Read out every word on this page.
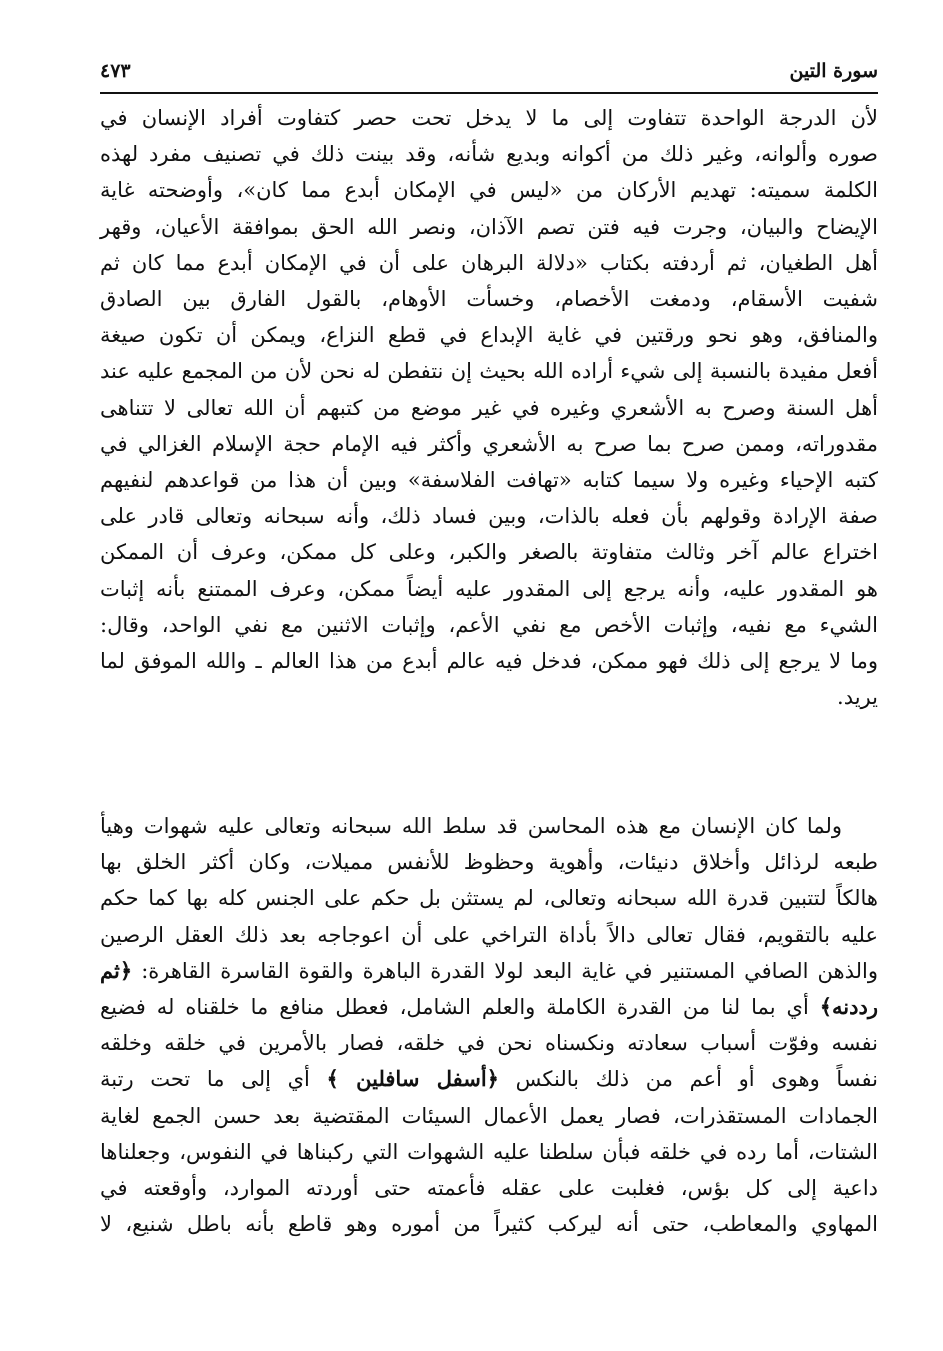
سورة التين
٤٧٣
لأن الدرجة الواحدة تتفاوت إلى ما لا يدخل تحت حصر كتفاوت أفراد الإنسان في
صوره وألوانه، وغير ذلك من أكوانه وبديع شأنه، وقد بينت ذلك في تصنيف مفرد لهذه
الكلمة سميته: تهديم الأركان من «ليس في الإمكان أبدع مما كان»، وأوضحته غاية
الإيضاح والبيان، وجرت فيه فتن تصم الآذان، ونصر الله الحق بموافقة الأعيان، وقهر
أهل الطغيان، ثم أردفته بكتاب «دلالة البرهان على أن في الإمكان أبدع مما كان ثم
شفيت الأسقام، ودمغت الأخصام، وخسأت الأوهام، بالقول الفارق بين الصادق
والمنافق، وهو نحو ورقتين في غاية الإبداع في قطع النزاع، ويمكن أن تكون صيغة
أفعل مفيدة بالنسبة إلى شيء أراده الله بحيث إن نتفطن له نحن لأن من المجمع عليه عند
أهل السنة وصرح به الأشعري وغيره في غير موضع من كتبهم أن الله تعالى لا تتناهى
مقدوراته، وممن صرح بما صرح به الأشعري وأكثر فيه الإمام حجة الإسلام الغزالي في
كتبه الإحياء وغيره ولا سيما كتابه «تهافت الفلاسفة» وبين أن هذا من قواعدهم لنفيهم
صفة الإرادة وقولهم بأن فعله بالذات، وبين فساد ذلك، وأنه سبحانه وتعالى قادر على
اختراع عالم آخر وثالث متفاوتة بالصغر والكبر، وعلى كل ممكن، وعرف أن الممكن
هو المقدور عليه، وأنه يرجع إلى المقدور عليه أيضاً ممكن، وعرف الممتنع بأنه إثبات
الشيء مع نفيه، وإثبات الأخص مع نفي الأعم، وإثبات الاثنين مع نفي الواحد، وقال:
وما لا يرجع إلى ذلك فهو ممكن، فدخل فيه عالم أبدع من هذا العالم ـ والله الموفق لما
يريد.
ولما كان الإنسان مع هذه المحاسن قد سلط الله سبحانه وتعالى عليه شهوات وهيأ
طبعه لرذائل وأخلاق دنيئات، وأهوية وحظوظ للأنفس مميلات، وكان أكثر الخلق بها
هالكاً لتتبين قدرة الله سبحانه وتعالى، لم يستثن بل حكم على الجنس كله بها كما حكم
عليه بالتقويم، فقال تعالى دالاً بأداة التراخي على أن اعوجاجه بعد ذلك العقل الرصين
والذهن الصافي المستنير في غاية البعد لولا القدرة الباهرة والقوة القاسرة القاهرة: ﴿ثم
رددنه﴾ أي بما لنا من القدرة الكاملة والعلم الشامل، فعطل منافع ما خلقناه له فضيع
نفسه وفوّت أسباب سعادته ونكسناه نحن في خلقه، فصار بالأمرين في خلقه وخلقه
نفساً وهوى أو أعم من ذلك بالنكس ﴿أسفل سافلين ﴾ أي إلى ما تحت رتبة
الجمادات المستقذرات، فصار يعمل الأعمال السيئات المقتضية بعد حسن الجمع لغاية
الشتات، أما رده في خلقه فبأن سلطنا عليه الشهوات التي ركبناها في النفوس، وجعلناها
داعية إلى كل بؤس، فغلبت على عقله فأعمته حتى أوردته الموارد، وأوقعته في
المهاوي والمعاطب، حتى أنه ليركب كثيراً من أموره وهو قاطع بأنه باطل شنيع، لا
